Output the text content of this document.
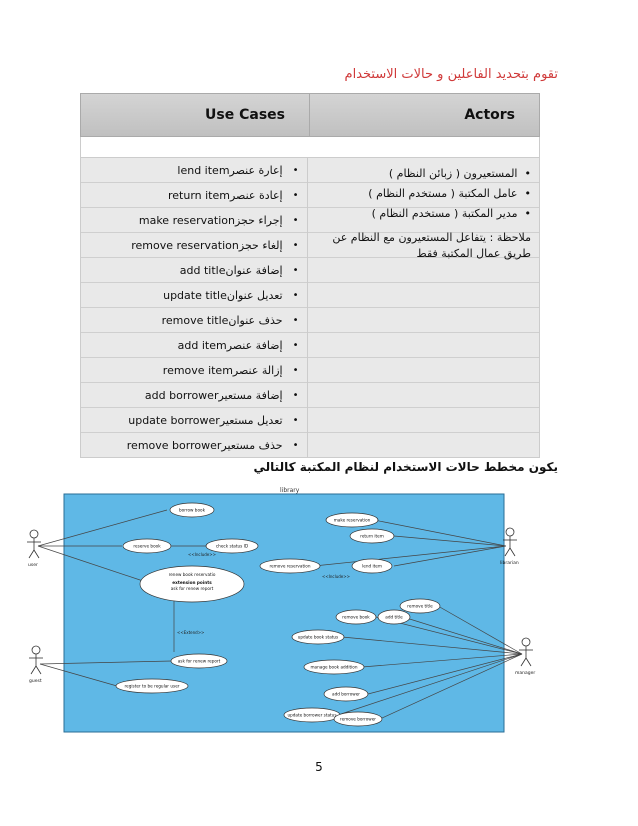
تقوم بتحديد الفاعلين و حالات الاستخدام
Use Cases	Actors
lend item إعارة عنصر •
return item إعادة عنصر •
make reservation إجراء حجز •
remove reservation إلغاء حجز •
add title إضافة عنوان •
update title تعديل عنوان •
remove title حذف عنوان •
add item إضافة عنصر •
remove item إزالة عنصر •
add borrower إضافة مستعير •
update borrower تعديل مستعير •
remove borrower حذف مستعير •
•  المستعيرون ( زبائن النظام )
•  عامل المكتبة ( مستخدم النظام )
•  مدير المكتبة ( مستخدم النظام )
ملاحظة : يتفاعل المستعيرون مع النظام عن طريق عمال المكتبة فقط
يكون مخطط حالات الاستخدام لنظام المكتبة كالتالي
library
borrow book
reserve book	check status ID
renew book reservatio
extension points
ask for renew report
ask for renew report
register to be regular user
make reservation
return item
remove reservation	lend item
remove title
remove book	add title
update book status
manage book addition
add borrower
update borrower status
remove borrower
<<Include>>
<<Include>>
<<Extend>>
user
guest
librarian
manager
5
